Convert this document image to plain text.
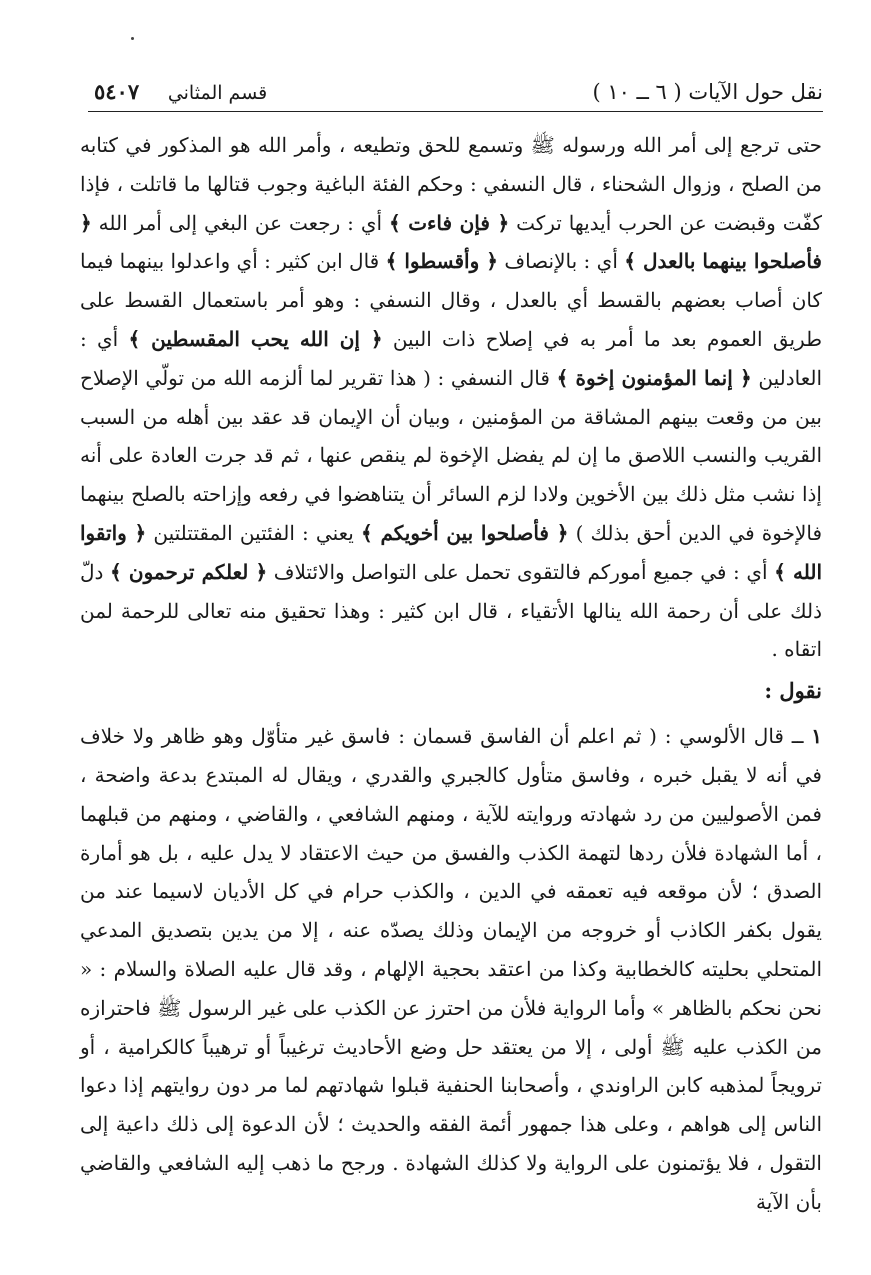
نقل حول الآيات ( ٦ ــ ١٠ )
قسم المثاني ٥٤٠٧

حتى ترجع إلى أمر الله ورسوله ﷺ وتسمع للحق وتطيعه ، وأمر الله هو المذكور في كتابه من الصلح ، وزوال الشحناء ، قال النسفي : وحكم الفئة الباغية وجوب قتالها ما قاتلت ، فإذا كفّت وقبضت عن الحرب أيديها تركت ﴿ فإن فاءت ﴾ أي : رجعت عن البغي إلى أمر الله ﴿ فأصلحوا بينهما بالعدل ﴾ أي : بالإنصاف ﴿ وأقسطوا ﴾ قال ابن كثير : أي واعدلوا بينهما فيما كان أصاب بعضهم بالقسط أي بالعدل ، وقال النسفي : وهو أمر باستعمال القسط على طريق العموم بعد ما أمر به في إصلاح ذات البين ﴿ إن الله يحب المقسطين ﴾ أي : العادلين ﴿ إنما المؤمنون إخوة ﴾ قال النسفي : ( هذا تقرير لما ألزمه الله من تولّي الإصلاح بين من وقعت بينهم المشاقة من المؤمنين ، وبيان أن الإيمان قد عقد بين أهله من السبب القريب والنسب اللاصق ما إن لم يفضل الإخوة لم ينقص عنها ، ثم قد جرت العادة على أنه إذا نشب مثل ذلك بين الأخوين ولادا لزم السائر أن يتناهضوا في رفعه وإزاحته بالصلح بينهما فالإخوة في الدين أحق بذلك ) ﴿ فأصلحوا بين أخويكم ﴾ يعني : الفئتين المقتتلتين ﴿ واتقوا الله ﴾ أي : في جميع أموركم فالتقوى تحمل على التواصل والائتلاف ﴿ لعلكم ترحمون ﴾ دلّ ذلك على أن رحمة الله ينالها الأتقياء ، قال ابن كثير : وهذا تحقيق منه تعالى للرحمة لمن اتقاه .

نقول :

١ ــ قال الألوسي : ( ثم اعلم أن الفاسق قسمان : فاسق غير متأوّل وهو ظاهر ولا خلاف في أنه لا يقبل خبره ، وفاسق متأول كالجبري والقدري ، ويقال له المبتدع بدعة واضحة ، فمن الأصوليين من رد شهادته وروايته للآية ، ومنهم الشافعي ، والقاضي ، ومنهم من قبلهما ، أما الشهادة فلأن ردها لتهمة الكذب والفسق من حيث الاعتقاد لا يدل عليه ، بل هو أمارة الصدق ؛ لأن موقعه فيه تعمقه في الدين ، والكذب حرام في كل الأديان لاسيما عند من يقول بكفر الكاذب أو خروجه من الإيمان وذلك يصدّه عنه ، إلا من يدين بتصديق المدعي المتحلي بحليته كالخطابية وكذا من اعتقد بحجية الإلهام ، وقد قال عليه الصلاة والسلام : « نحن نحكم بالظاهر » وأما الرواية فلأن من احترز عن الكذب على غير الرسول ﷺ فاحترازه من الكذب عليه ﷺ أولى ، إلا من يعتقد حل وضع الأحاديث ترغيباً أو ترهيباً كالكرامية ، أو ترويجاً لمذهبه كابن الراوندي ، وأصحابنا الحنفية قبلوا شهادتهم لما مر دون روايتهم إذا دعوا الناس إلى هواهم ، وعلى هذا جمهور أئمة الفقه والحديث ؛ لأن الدعوة إلى ذلك داعية إلى التقول ، فلا يؤتمنون على الرواية ولا كذلك الشهادة . ورجح ما ذهب إليه الشافعي والقاضي بأن الآية
